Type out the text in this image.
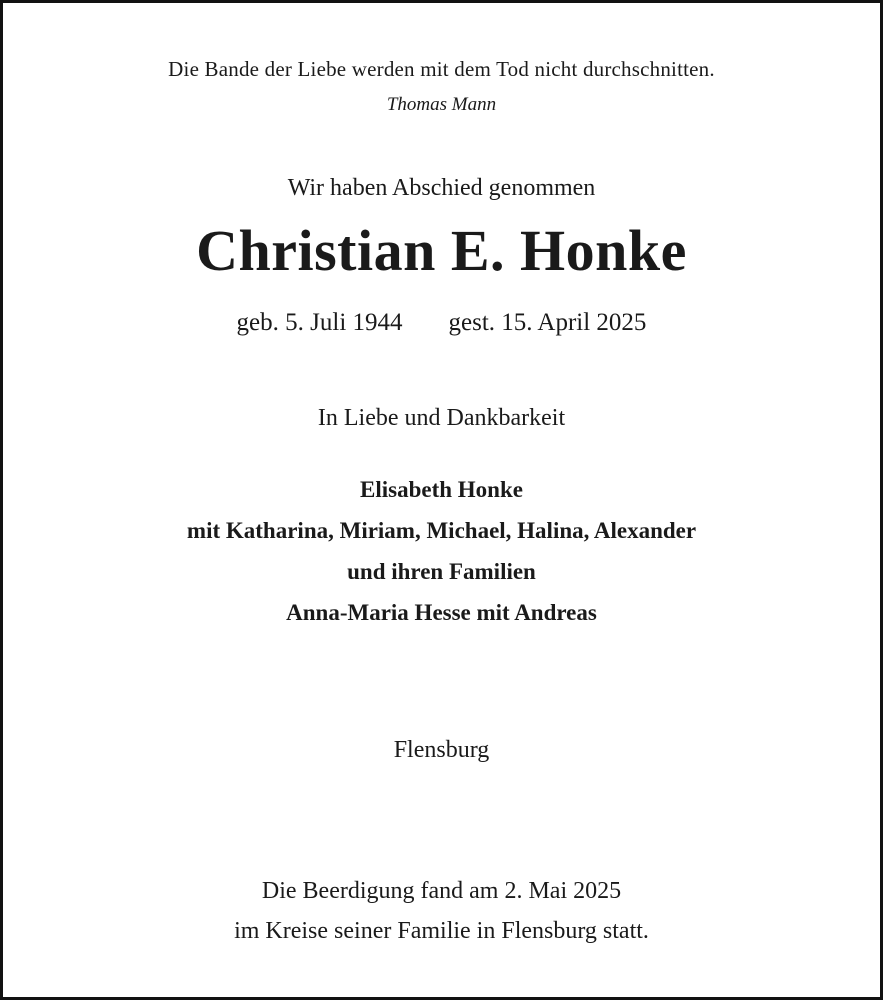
Die Bande der Liebe werden mit dem Tod nicht durchschnitten.

Thomas Mann

Wir haben Abschied genommen

Christian E. Honke

geb. 5. Juli 1944 gest. 15. April 2025

In Liebe und Dankbarkeit

Elisabeth Honke
mit Katharina, Miriam, Michael, Halina, Alexander
und ihren Familien
Anna-Maria Hesse mit Andreas

Flensburg

Die Beerdigung fand am 2. Mai 2025
im Kreise seiner Familie in Flensburg statt.
